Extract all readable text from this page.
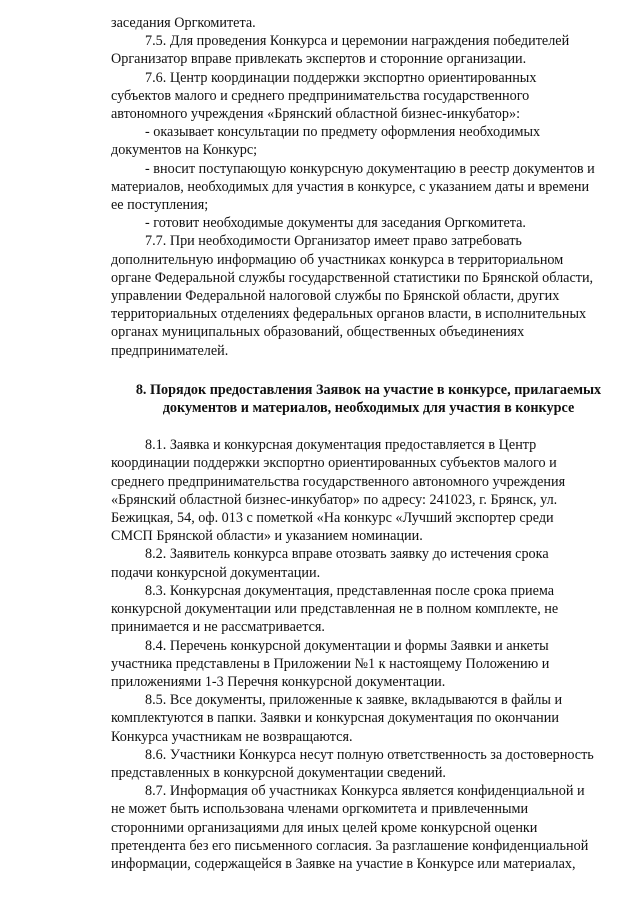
заседания Оргкомитета.

7.5. Для проведения Конкурса и церемонии награждения победителей
Организатор вправе привлекать экспертов и сторонние организации.

7.6. Центр координации поддержки экспортно ориентированных
субъектов малого и среднего предпринимательства государственного
автономного учреждения «Брянский областной бизнес-инкубатор»:

- оказывает консультации по предмету оформления необходимых
документов на Конкурс;

- вносит поступающую конкурсную документацию в реестр документов и
материалов, необходимых для участия в конкурсе, с указанием даты и времени
ее поступления;

- готовит необходимые документы для заседания Оргкомитета.

7.7. При необходимости Организатор имеет право затребовать
дополнительную информацию об участниках конкурса в территориальном
органе Федеральной службы государственной статистики по Брянской области,
управлении Федеральной налоговой службы по Брянской области, других
территориальных отделениях федеральных органов власти, в исполнительных
органах муниципальных образований, общественных объединениях
предпринимателей.

8. Порядок предоставления Заявок на участие в конкурсе, прилагаемых
документов и материалов, необходимых для участия в конкурсе

8.1. Заявка и конкурсная документация предоставляется в Центр
координации поддержки экспортно ориентированных субъектов малого и
среднего предпринимательства государственного автономного учреждения
«Брянский областной бизнес-инкубатор» по адресу: 241023, г. Брянск, ул.
Бежицкая, 54, оф. 013 с пометкой «На конкурс «Лучший экспортер среди
СМСП Брянской области» и указанием номинации.

8.2. Заявитель конкурса вправе отозвать заявку до истечения срока
подачи конкурсной документации.

8.3. Конкурсная документация, представленная после срока приема
конкурсной документации или представленная не в полном комплекте, не
принимается и не рассматривается.

8.4. Перечень конкурсной документации и формы Заявки и анкеты
участника представлены в Приложении №1 к настоящему Положению и
приложениями 1-3 Перечня конкурсной документации.

8.5. Все документы, приложенные к заявке, вкладываются в файлы и
комплектуются в папки. Заявки и конкурсная документация по окончании
Конкурса участникам не возвращаются.

8.6. Участники Конкурса несут полную ответственность за достоверность
представленных в конкурсной документации сведений.

8.7. Информация об участниках Конкурса является конфиденциальной и
не может быть использована членами оргкомитета и привлеченными
сторонними организациями для иных целей кроме конкурсной оценки
претендента без его письменного согласия. За разглашение конфиденциальной
информации, содержащейся в Заявке на участие в Конкурсе или материалах,
